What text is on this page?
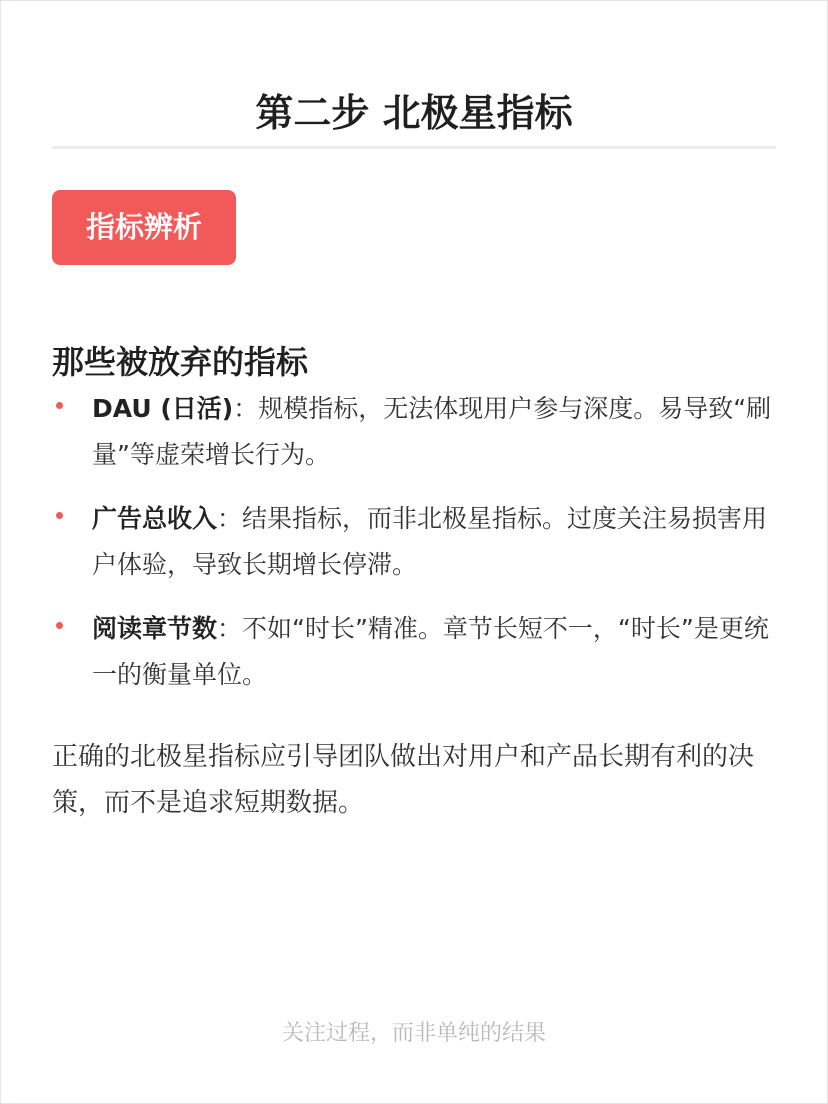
第二步 北极星指标
指标辨析
那些被放弃的指标
DAU (日活)：规模指标，无法体现用户参与深度。易导致“刷量”等虚荣增长行为。
广告总收入：结果指标，而非北极星指标。过度关注易损害用户体验，导致长期增长停滞。
阅读章节数：不如“时长”精准。章节长短不一，“时长”是更统一的衡量单位。

正确的北极星指标应引导团队做出对用户和产品长期有利的决策，而不是追求短期数据。

关注过程，而非单纯的结果
